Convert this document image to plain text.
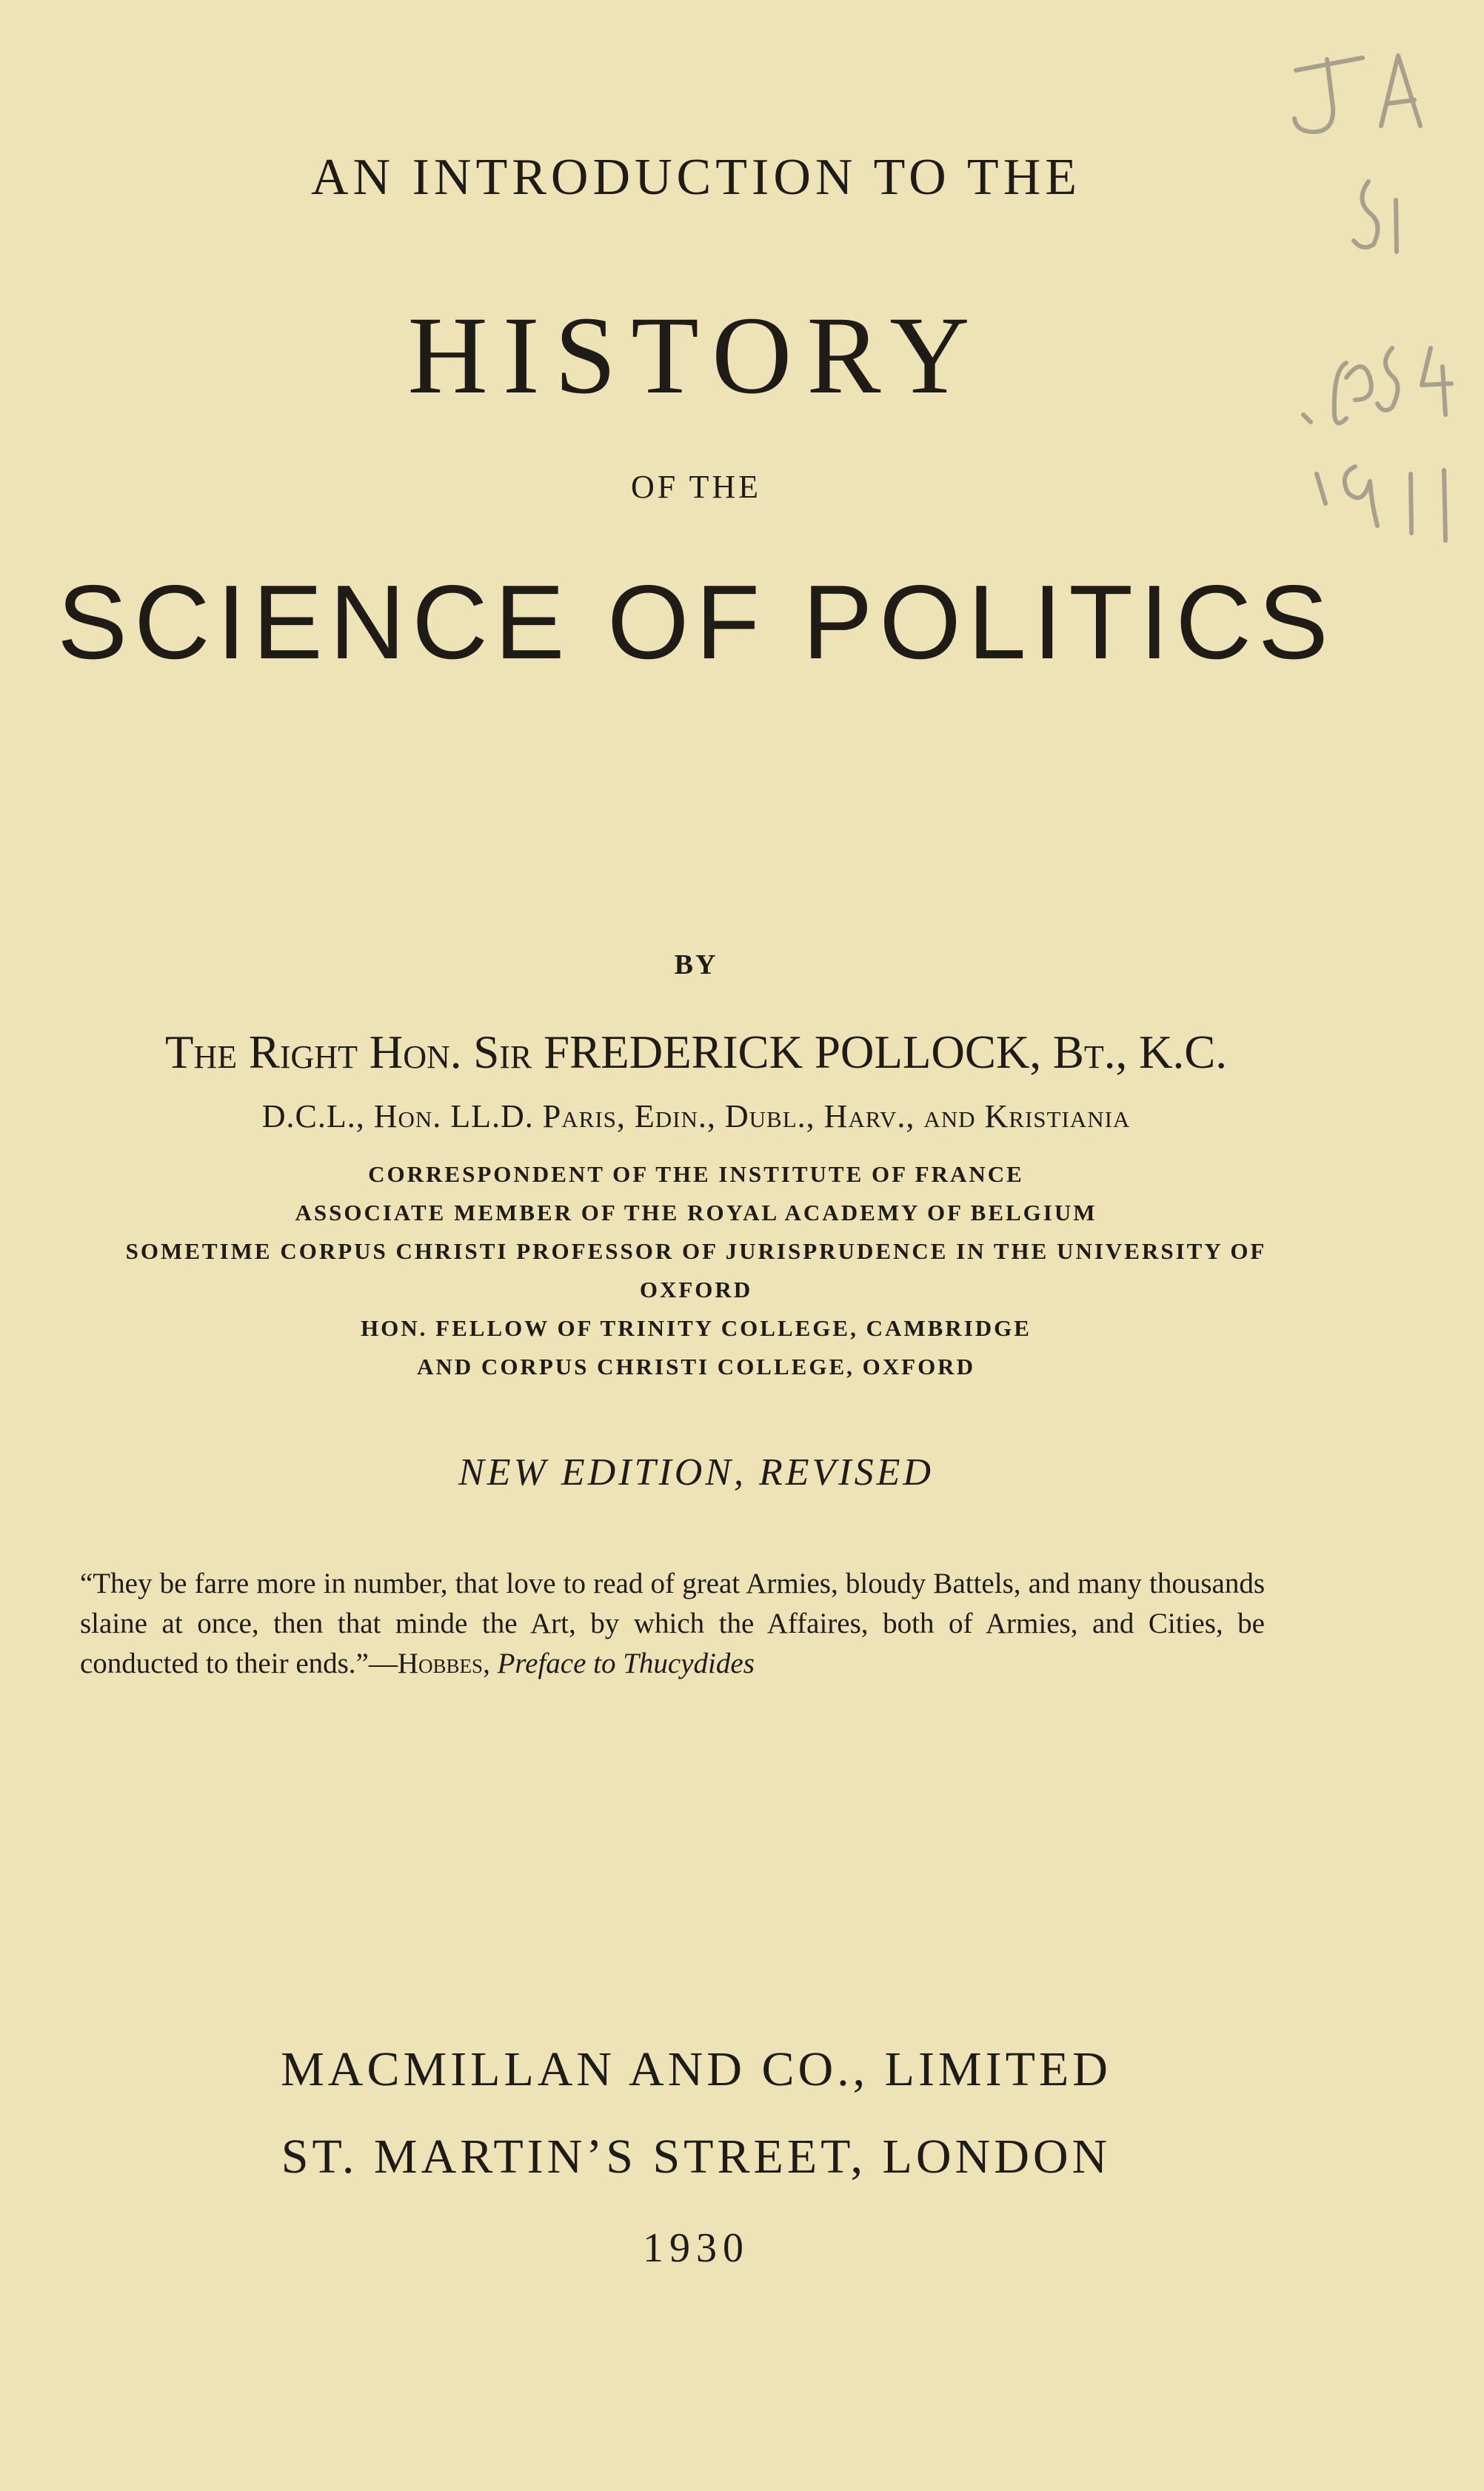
AN INTRODUCTION TO THE
HISTORY
OF THE
SCIENCE OF POLITICS
BY
The Right Hon. Sir FREDERICK POLLOCK, Bt., K.C.
D.C.L., Hon. LL.D. Paris, Edin., Dubl., Harv., and Kristiania
CORRESPONDENT OF THE INSTITUTE OF FRANCE
ASSOCIATE MEMBER OF THE ROYAL ACADEMY OF BELGIUM
SOMETIME CORPUS CHRISTI PROFESSOR OF JURISPRUDENCE IN THE UNIVERSITY OF
OXFORD
HON. FELLOW OF TRINITY COLLEGE, CAMBRIDGE
AND CORPUS CHRISTI COLLEGE, OXFORD
NEW EDITION, REVISED
“They be farre more in number, that love to read of great Armies, bloudy Battels, and many thousands slaine at once, then that minde the Art, by which the Affaires, both of Armies, and Cities, be conducted to their ends.”—Hobbes, Preface to Thucydides
MACMILLAN AND CO., LIMITED
ST. MARTIN’S STREET, LONDON
1930
